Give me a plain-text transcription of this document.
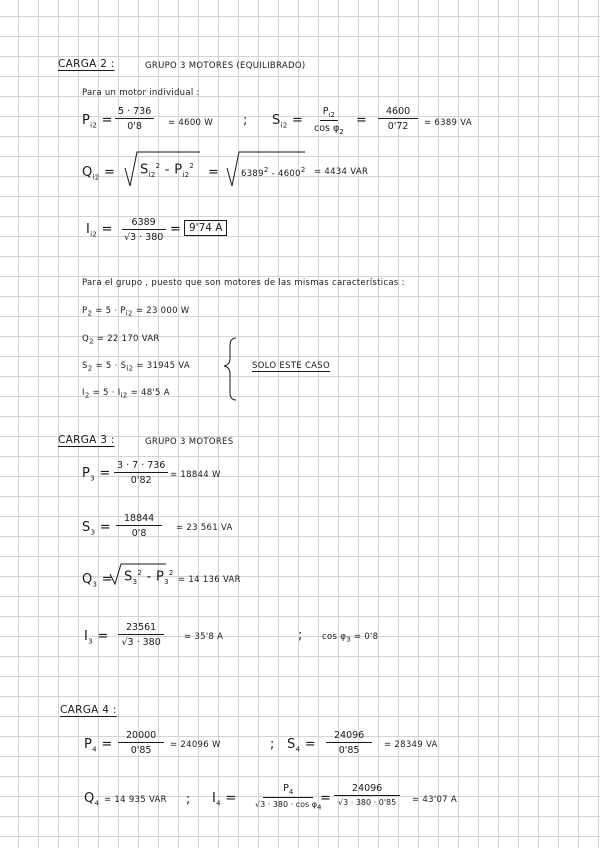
CARGA 2 :	GRUPO 3 MOTORES (EQUILIBRADO)
Para un motor individual :
$P_{i2} = \frac{5 \cdot 736}{0'8} = 4600$ W ; $S_{i2} = \frac{P_{i2}}{\cos \varphi_2} = \frac{4600}{0'72} = 6389$ VA
$Q_{i2} = S_{i2}^2 - P_{i2}^2$ =	$6389^2 - 4600^2 = 4434$ VAR
$I_{i2} = \frac{6389}{√3 \cdot 380} = 9'74$ A
Para el grupo , puesto que son motores de las mismas características :
$P_2 = 5 \cdot P_{i2} = 23$ 000 W
$Q_2 = 22$ 170 VAR
$S_2 = 5 \cdot S_{i2} = 31945$ VA
$I_2 = 5 \cdot I_{i2} = 48'5$ A
SOLO ESTE CASO
CARGA 3 :	GRUPO 3 MOTORES
$P_3 = \frac{3 \cdot 7 \cdot 736}{0'82} = 18844$ W
$S_3 = \frac{18844}{0'8} = 23$ 561 VA
$Q_3 = S_3^2 - P_3^2$
= 14 136 VAR
$I_3 = \frac{23561}{√3 \cdot 380} = 35'8$ A	; $\cos \varphi_3 = 0'8$
CARGA 4 :
$P_4 = \frac{20000}{0'85} = 24096$ W	; $S_4 = \frac{24096}{0'85} = 28349$ VA
$Q_4 = 14$ 935 VAR ; $I_4$ =
$P_4$
$√3 \cdot 380 \cdot \cos \varphi_4$
=
24096
√3 · 380 · 0'85	= 43'07 A
